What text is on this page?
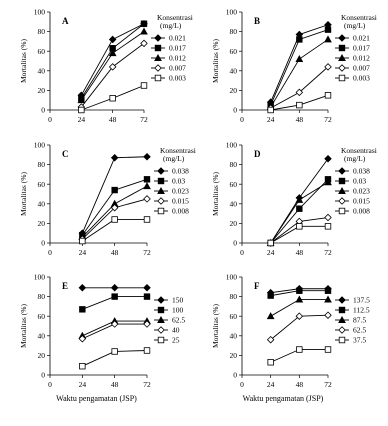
0
20
40
60
80
100
0	24	48	72
Mortalitas (%)
A	Konsentrasi
(mg/L)
0.021
0.017
0.012
0.007
0.003
0
20
40
60
80
100
0	24	48	72
Mortalitas (%)
B	Konsentrasi
(mg/L)
0.021
0.017
0.012
0.007
0.003
0
20
40
60
80
100
0	24	48	72
Mortalitas (%)
C	Konsentrasi
(mg/L)
0.038
0.03
0.023
0.015
0.008
0
20
40
60
80
100
0	24	48	72
Mortalitas (%)
D	Konsentrasi
(mg/L)
0.038
0.03
0.023
0.015
0.008
0
20
40
60
80
100
0	24	48	72
Mortalitas (%)
Waktu pengamatan (JSP)
E
150
100
62.5
40
25
0
20
40
60
80
100
0	24	48	72
Mortalitas (%)
Waktu pengamatan (JSP)
F
137.5
112.5
87.5
62.5
37.5
